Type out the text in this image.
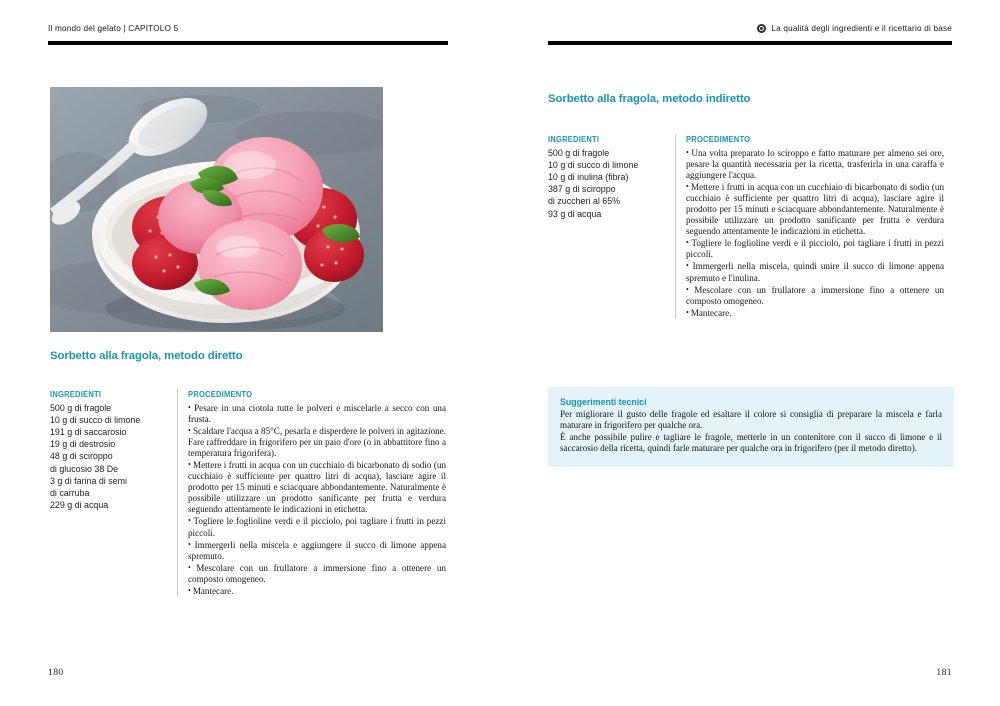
Il mondo del gelato | CAPITOLO 5
Sorbetto alla fragola, metodo diretto
INGREDIENTI
500 g di fragole
10 g di succo di limone
191 g di saccarosio
19 g di destrosio
48 g di sciroppo
di glucosio 38 De
3 g di farina di semi
di carruba
229 g di acqua
PROCEDIMENTO

• Pesare in una ciotola tutte le polveri e miscelarle a secco con una frusta.

• Scaldare l'acqua a 85°C, pesarla e disperdere le polveri in agitazione. Fare raffreddare in frigorifero per un paio d'ore (o in abbattitore fino a temperatura frigorifera).

• Mettere i frutti in acqua con un cucchiaio di bicarbonato di sodio (un cucchiaio è sufficiente per quattro litri di acqua), lasciare agire il prodotto per 15 minuti e sciacquare abbondantemente. Naturalmente è possibile utilizzare un prodotto sanificante per frutta e verdura seguendo attentamente le indicazioni in etichetta.

• Togliere le foglioline verdi e il picciolo, poi tagliare i frutti in pezzi piccoli.

• Immergerli nella miscela e aggiungere il succo di limone appena spremuto.

• Mescolare con un frullatore a immersione fino a ottenere un composto omogeneo.

• Mantecare.

180
La qualità degli ingredienti e il ricettario di base
Sorbetto alla fragola, metodo indiretto
INGREDIENTI
500 g di fragole
10 g di succo di limone
10 g di inulina (fibra)
387 g di sciroppo
di zuccheri al 65%
93 g di acqua
PROCEDIMENTO

• Una volta preparato lo sciroppo e fatto maturare per almeno sei ore, pesare la quantità necessaria per la ricetta, trasferirla in una caraffa e aggiungere l'acqua.

• Mettere i frutti in acqua con un cucchiaio di bicarbonato di sodio (un cucchiaio è sufficiente per quattro litri di acqua), lasciare agire il prodotto per 15 minuti e sciacquare abbondantemente. Naturalmente è possibile utilizzare un prodotto sanificante per frutta e verdura seguendo attentamente le indicazioni in etichetta.

• Togliere le foglioline verdi e il picciolo, poi tagliare i frutti in pezzi piccoli.

• Immergerli nella miscela, quindi unire il succo di limone appena spremuto e l'inulina.

• Mescolare con un frullatore a immersione fino a ottenere un composto omogeneo.

• Mantecare.

Suggerimenti tecnici

Per migliorare il gusto delle fragole ed esaltare il colore si consiglia di preparare la miscela e farla maturare in frigorifero per qualche ora.

È anche possibile pulire e tagliare le fragole, metterle in un contenitore con il succo di limone e il saccarosio della ricetta, quindi farle maturare per qualche ora in frigorifero (per il metodo diretto).

181
